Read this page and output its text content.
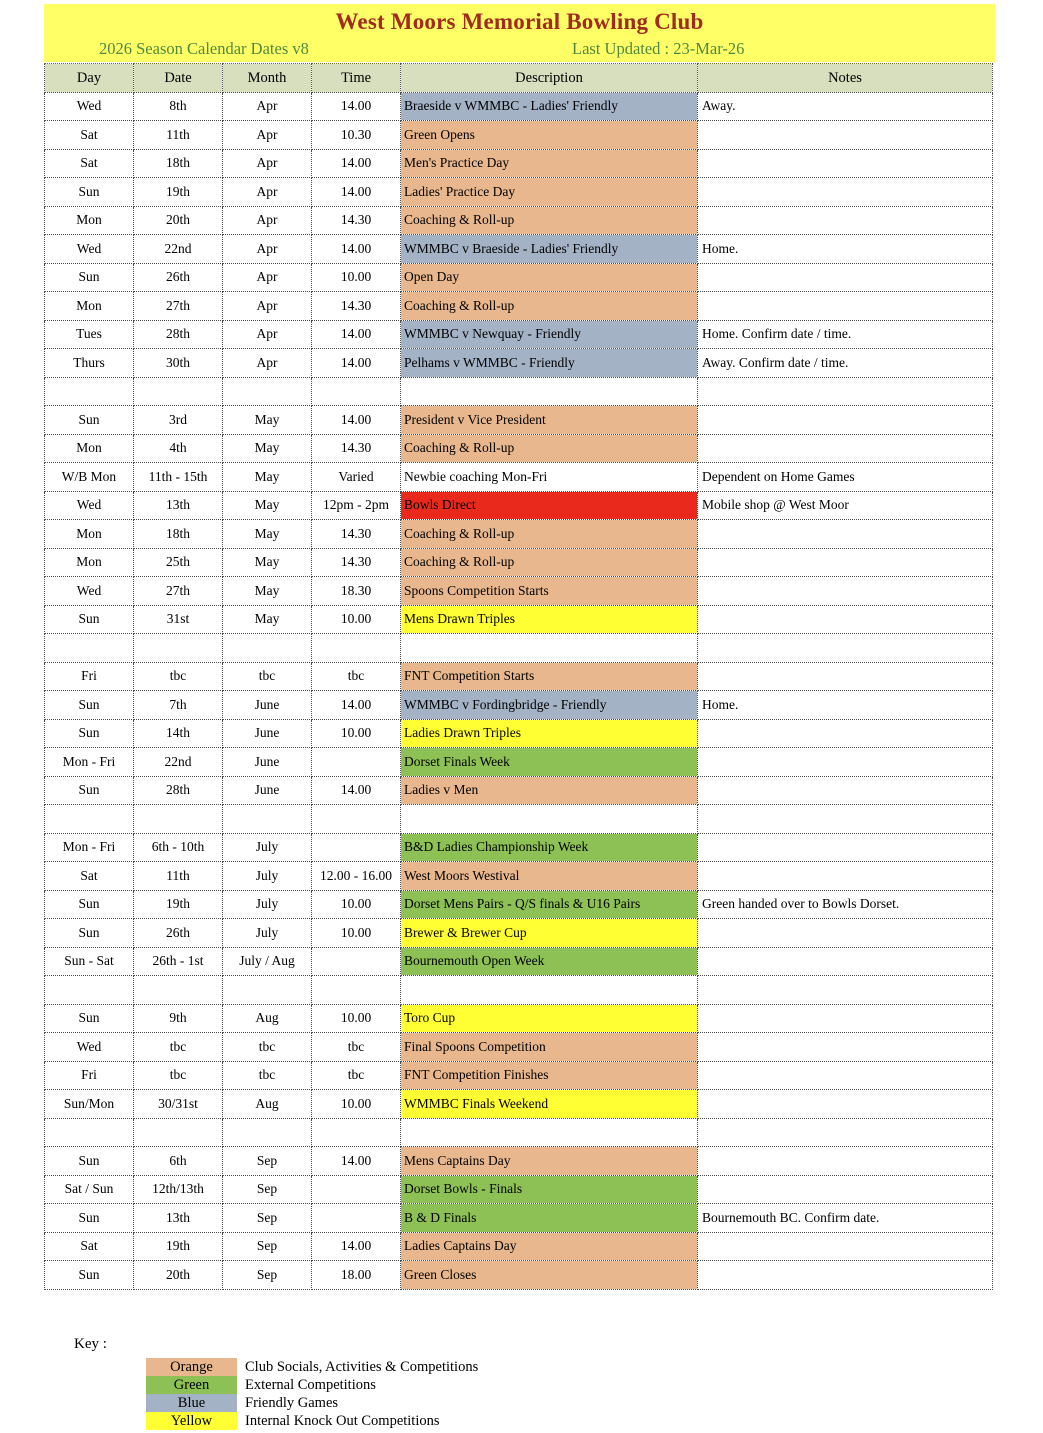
West Moors Memorial Bowling Club
2026 Season Calendar Dates v8	Last Updated : 23-Mar-26
Day	Date	Month	Time	Description	Notes
Wed	8th	Apr	14.00	Braeside v WMMBC - Ladies' Friendly	Away.
Sat	11th	Apr	10.30	Green Opens	
Sat	18th	Apr	14.00	Men's Practice Day	
Sun	19th	Apr	14.00	Ladies' Practice Day	
Mon	20th	Apr	14.30	Coaching & Roll-up	
Wed	22nd	Apr	14.00	WMMBC v Braeside - Ladies' Friendly	Home.
Sun	26th	Apr	10.00	Open Day	
Mon	27th	Apr	14.30	Coaching & Roll-up	
Tues	28th	Apr	14.00	WMMBC v Newquay - Friendly	Home. Confirm date / time.
Thurs	30th	Apr	14.00	Pelhams v WMMBC - Friendly	Away. Confirm date / time.

Sun	3rd	May	14.00	President v Vice President	
Mon	4th	May	14.30	Coaching & Roll-up	
W/B Mon	11th - 15th	May	Varied	Newbie coaching Mon-Fri	Dependent on Home Games
Wed	13th	May	12pm - 2pm	Bowls Direct	Mobile shop @ West Moor
Mon	18th	May	14.30	Coaching & Roll-up	
Mon	25th	May	14.30	Coaching & Roll-up	
Wed	27th	May	18.30	Spoons Competition Starts	
Sun	31st	May	10.00	Mens Drawn Triples	

Fri	tbc	tbc	tbc	FNT Competition Starts	
Sun	7th	June	14.00	WMMBC v Fordingbridge - Friendly	Home.
Sun	14th	June	10.00	Ladies Drawn Triples	
Mon - Fri	22nd	June		Dorset Finals Week	
Sun	28th	June	14.00	Ladies v Men	

Mon - Fri	6th - 10th	July		B&D Ladies Championship Week	
Sat	11th	July	12.00 - 16.00	West Moors Westival	
Sun	19th	July	10.00	Dorset Mens Pairs - Q/S finals & U16 Pairs	Green handed over to Bowls Dorset.
Sun	26th	July	10.00	Brewer & Brewer Cup	
Sun - Sat	26th - 1st	July / Aug		Bournemouth Open Week	

Sun	9th	Aug	10.00	Toro Cup	
Wed	tbc	tbc	tbc	Final Spoons Competition	
Fri	tbc	tbc	tbc	FNT Competition Finishes	
Sun/Mon	30/31st	Aug	10.00	WMMBC Finals Weekend	

Sun	6th	Sep	14.00	Mens Captains Day	
Sat / Sun	12th/13th	Sep		Dorset Bowls - Finals	
Sun	13th	Sep		B & D Finals	Bournemouth BC. Confirm date.
Sat	19th	Sep	14.00	Ladies Captains Day	
Sun	20th	Sep	18.00	Green Closes	
Key :
Orange	Club Socials, Activities & Competitions
Green	External Competitions
Blue	Friendly Games
Yellow	Internal Knock Out Competitions
